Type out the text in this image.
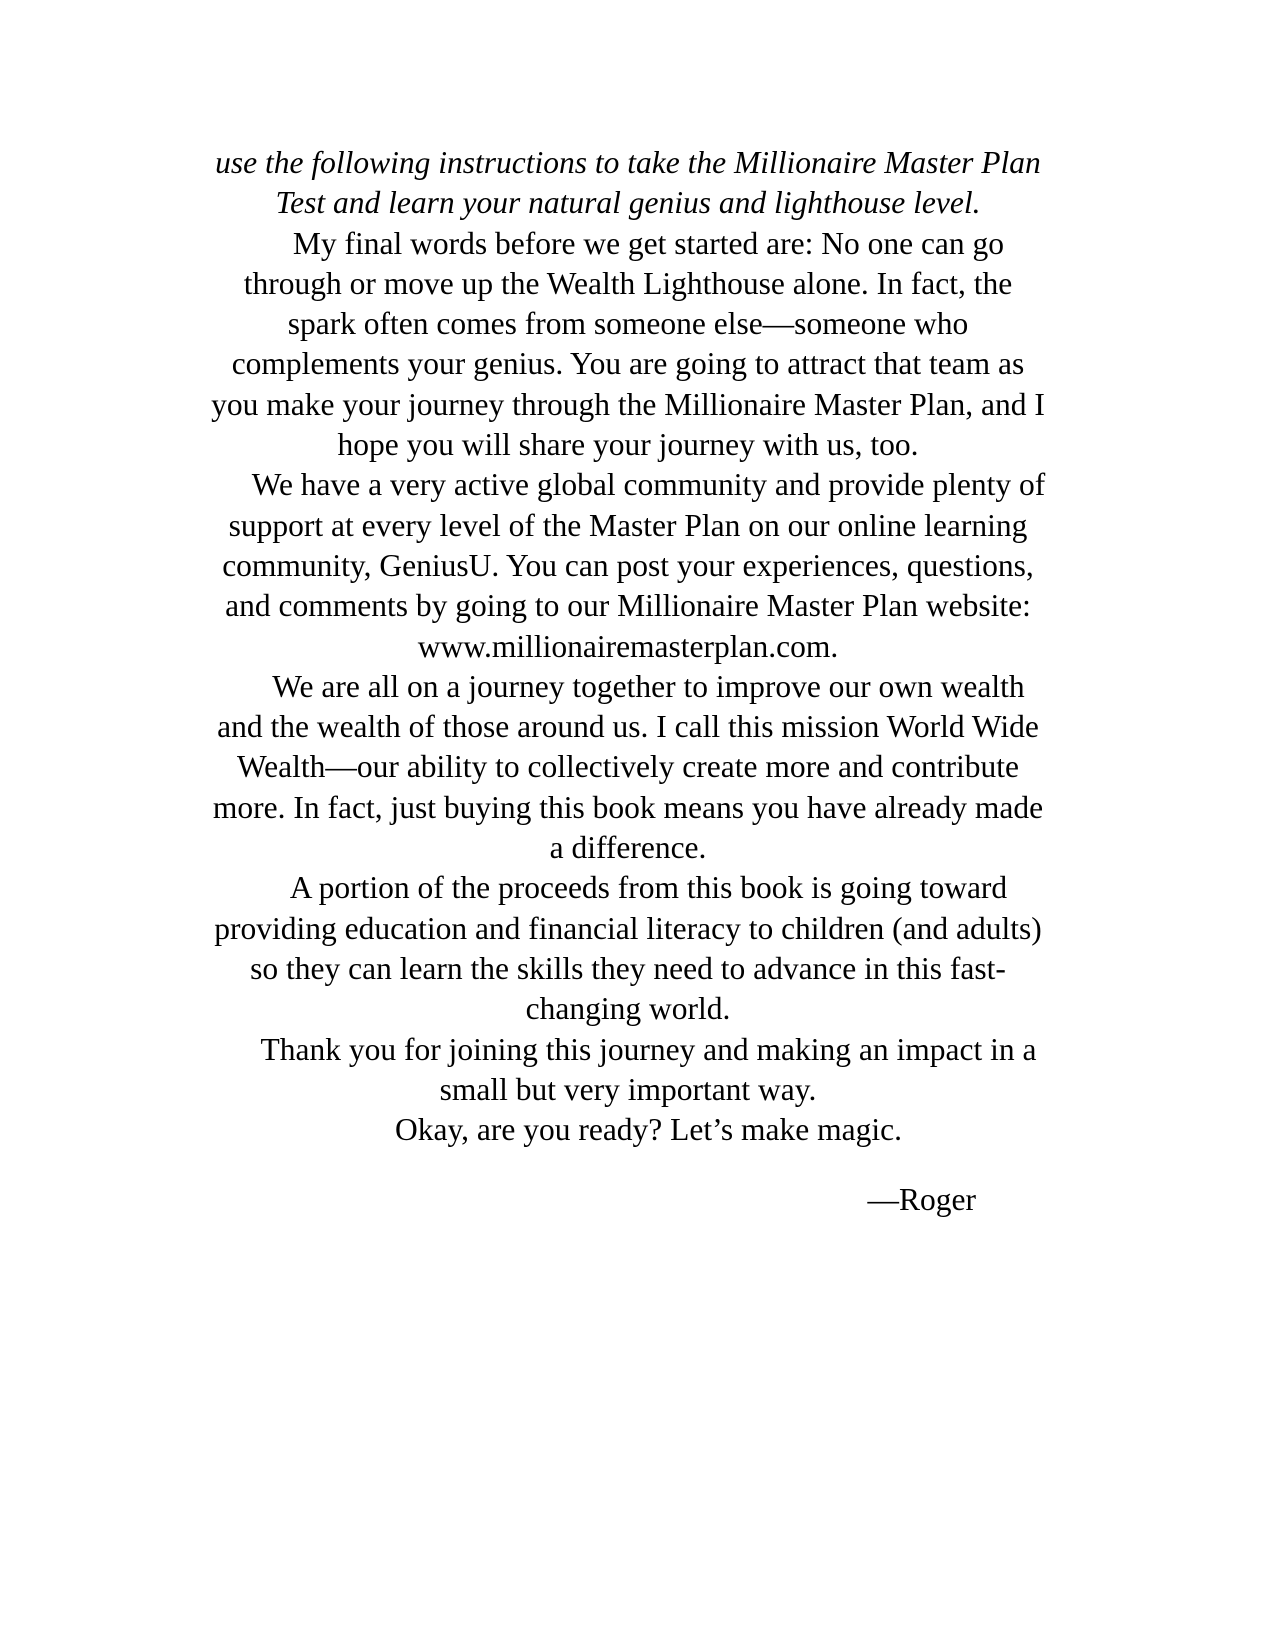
use the following instructions to take the Millionaire Master Plan Test and learn your natural genius and lighthouse level.

My final words before we get started are: No one can go through or move up the Wealth Lighthouse alone. In fact, the spark often comes from someone else—someone who complements your genius. You are going to attract that team as you make your journey through the Millionaire Master Plan, and I hope you will share your journey with us, too.

We have a very active global community and provide plenty of support at every level of the Master Plan on our online learning community, GeniusU. You can post your experiences, questions, and comments by going to our Millionaire Master Plan website: www.millionairemasterplan.com.

We are all on a journey together to improve our own wealth and the wealth of those around us. I call this mission World Wide Wealth—our ability to collectively create more and contribute more. In fact, just buying this book means you have already made a difference.

A portion of the proceeds from this book is going toward providing education and financial literacy to children (and adults) so they can learn the skills they need to advance in this fast-changing world.

Thank you for joining this journey and making an impact in a small but very important way.

Okay, are you ready? Let’s make magic.

—Roger
